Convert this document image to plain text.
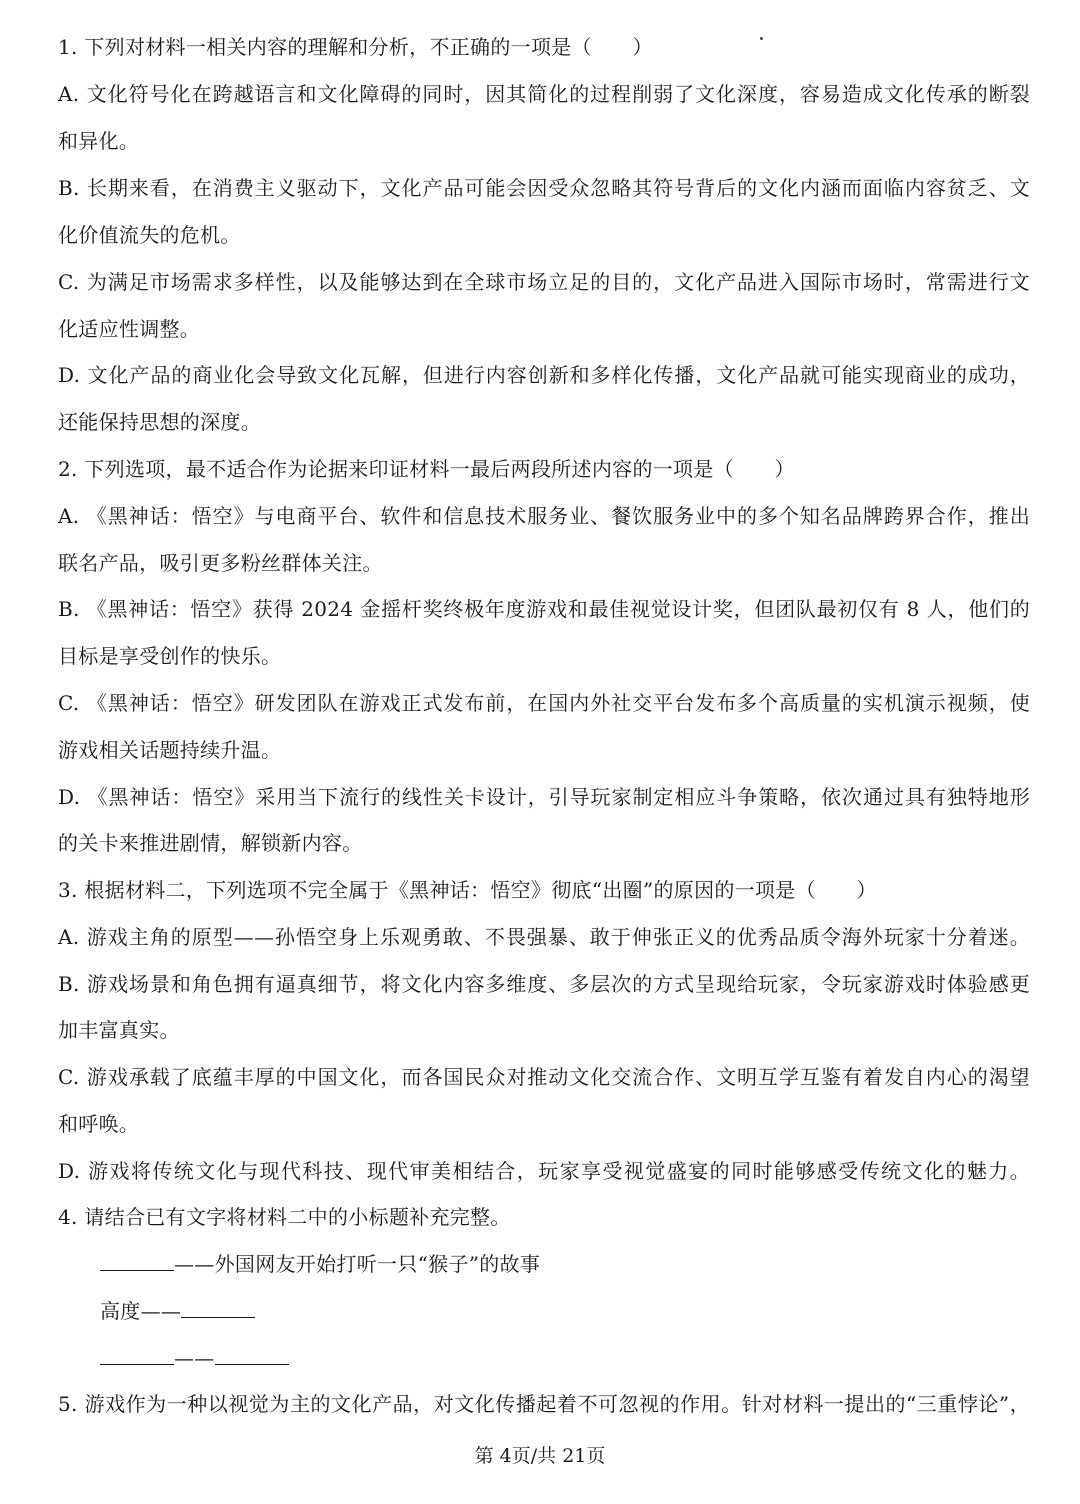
1. 下列对材料一相关内容的理解和分析，不正确的一项是（　　）
A. 文化符号化在跨越语言和文化障碍的同时，因其简化的过程削弱了文化深度，容易造成文化传承的断裂
和异化。
B. 长期来看，在消费主义驱动下，文化产品可能会因受众忽略其符号背后的文化内涵而面临内容贫乏、文
化价值流失的危机。
C. 为满足市场需求多样性，以及能够达到在全球市场立足的目的，文化产品进入国际市场时，常需进行文
化适应性调整。
D. 文化产品的商业化会导致文化瓦解，但进行内容创新和多样化传播，文化产品就可能实现商业的成功，
还能保持思想的深度。
2. 下列选项，最不适合作为论据来印证材料一最后两段所述内容的一项是（　　）
A. 《黑神话：悟空》与电商平台、软件和信息技术服务业、餐饮服务业中的多个知名品牌跨界合作，推出
联名产品，吸引更多粉丝群体关注。
B. 《黑神话：悟空》获得 2024 金摇杆奖终极年度游戏和最佳视觉设计奖，但团队最初仅有 8 人，他们的
目标是享受创作的快乐。
C. 《黑神话：悟空》研发团队在游戏正式发布前，在国内外社交平台发布多个高质量的实机演示视频，使
游戏相关话题持续升温。
D. 《黑神话：悟空》采用当下流行的线性关卡设计，引导玩家制定相应斗争策略，依次通过具有独特地形
的关卡来推进剧情，解锁新内容。
3. 根据材料二，下列选项不完全属于《黑神话：悟空》彻底“出圈”的原因的一项是（　　）
A. 游戏主角的原型——孙悟空身上乐观勇敢、不畏强暴、敢于伸张正义的优秀品质令海外玩家十分着迷。
B. 游戏场景和角色拥有逼真细节，将文化内容多维度、多层次的方式呈现给玩家，令玩家游戏时体验感更
加丰富真实。
C. 游戏承载了底蕴丰厚的中国文化，而各国民众对推动文化交流合作、文明互学互鉴有着发自内心的渴望
和呼唤。
D. 游戏将传统文化与现代科技、现代审美相结合，玩家享受视觉盛宴的同时能够感受传统文化的魅力。
4. 请结合已有文字将材料二中的小标题补充完整。
——外国网友开始打听一只“猴子”的故事
高度——
——
5. 游戏作为一种以视觉为主的文化产品，对文化传播起着不可忽视的作用。针对材料一提出的“三重悖论”，
第 4页/共 21页
